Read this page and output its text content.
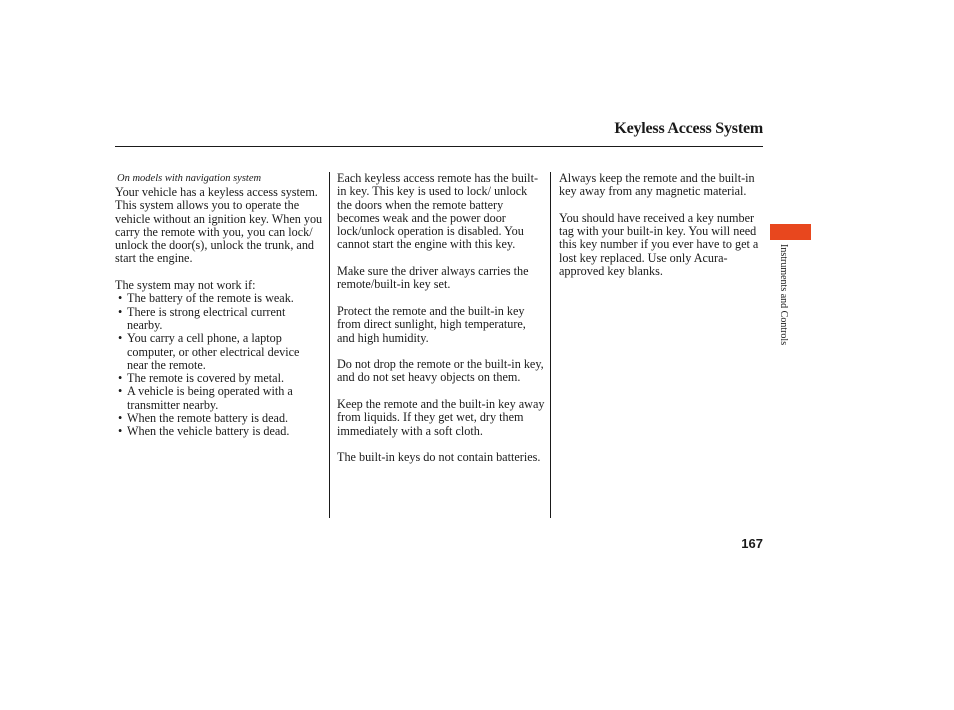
Keyless Access System
On models with navigation system

Your vehicle has a keyless access system. This system allows you to operate the vehicle without an ignition key. When you carry the remote with you, you can lock/ unlock the door(s), unlock the trunk, and start the engine.

The system may not work if:
• The battery of the remote is weak.
• There is strong electrical current nearby.
• You carry a cell phone, a laptop computer, or other electrical device near the remote.
• The remote is covered by metal.
• A vehicle is being operated with a transmitter nearby.
• When the remote battery is dead.
• When the vehicle battery is dead.

Each keyless access remote has the built-in key. This key is used to lock/ unlock the doors when the remote battery becomes weak and the power door lock/unlock operation is disabled. You cannot start the engine with this key.

Make sure the driver always carries the remote/built-in key set.

Protect the remote and the built-in key from direct sunlight, high temperature, and high humidity.

Do not drop the remote or the built-in key, and do not set heavy objects on them.

Keep the remote and the built-in key away from liquids. If they get wet, dry them immediately with a soft cloth.

The built-in keys do not contain batteries.

Always keep the remote and the built-in key away from any magnetic material.

You should have received a key number tag with your built-in key. You will need this key number if you ever have to get a lost key replaced. Use only Acura-approved key blanks.	Instruments and Controls
167
